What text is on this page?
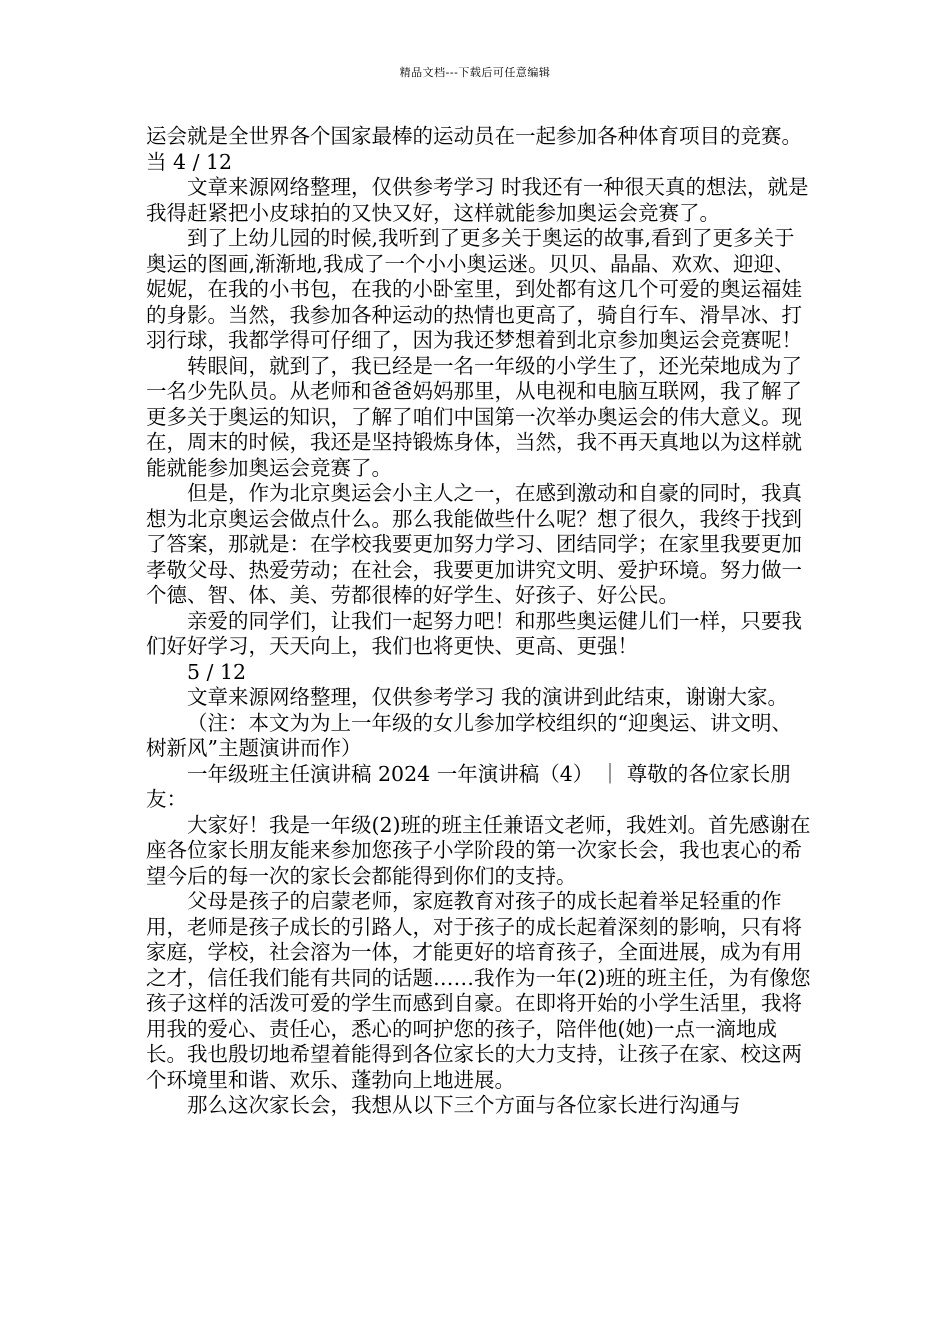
精品文档---下载后可任意编辑

运会就是全世界各个国家最棒的运动员在一起参加各种体育项目的竞赛。当 4 / 12

文章来源网络整理，仅供参考学习 时我还有一种很天真的想法，就是我得赶紧把小皮球拍的又快又好，这样就能参加奥运会竞赛了。

到了上幼儿园的时候,我听到了更多关于奥运的故事,看到了更多关于奥运的图画,渐渐地,我成了一个小小奥运迷。贝贝、晶晶、欢欢、迎迎、妮妮，在我的小书包，在我的小卧室里，到处都有这几个可爱的奥运福娃的身影。当然，我参加各种运动的热情也更高了，骑自行车、滑旱冰、打羽行球，我都学得可仔细了，因为我还梦想着到北京参加奥运会竞赛呢！

转眼间，就到了，我已经是一名一年级的小学生了，还光荣地成为了一名少先队员。从老师和爸爸妈妈那里，从电视和电脑互联网，我了解了更多关于奥运的知识，了解了咱们中国第一次举办奥运会的伟大意义。现在，周末的时候，我还是坚持锻炼身体，当然，我不再天真地以为这样就能就能参加奥运会竞赛了。

但是，作为北京奥运会小主人之一，在感到激动和自豪的同时，我真想为北京奥运会做点什么。那么我能做些什么呢？想了很久，我终于找到了答案，那就是：在学校我要更加努力学习、团结同学；在家里我要更加孝敬父母、热爱劳动；在社会，我要更加讲究文明、爱护环境。努力做一个德、智、体、美、劳都很棒的好学生、好孩子、好公民。

亲爱的同学们，让我们一起努力吧！和那些奥运健儿们一样，只要我们好好学习，天天向上，我们也将更快、更高、更强！

5 / 12

文章来源网络整理，仅供参考学习 我的演讲到此结束，谢谢大家。

（注：本文为为上一年级的女儿参加学校组织的“迎奥运、讲文明、树新风”主题演讲而作）

一年级班主任演讲稿 2024 一年演讲稿（4） ｜ 尊敬的各位家长朋友：

大家好！我是一年级(2)班的班主任兼语文老师，我姓刘。首先感谢在座各位家长朋友能来参加您孩子小学阶段的第一次家长会，我也衷心的希望今后的每一次的家长会都能得到你们的支持。

父母是孩子的启蒙老师，家庭教育对孩子的成长起着举足轻重的作用，老师是孩子成长的引路人，对于孩子的成长起着深刻的影响，只有将家庭，学校，社会溶为一体，才能更好的培育孩子，全面进展，成为有用之才，信任我们能有共同的话题……我作为一年(2)班的班主任，为有像您孩子这样的活泼可爱的学生而感到自豪。在即将开始的小学生活里，我将用我的爱心、责任心，悉心的呵护您的孩子，陪伴他(她)一点一滴地成长。我也殷切地希望着能得到各位家长的大力支持，让孩子在家、校这两个环境里和谐、欢乐、蓬勃向上地进展。

那么这次家长会，我想从以下三个方面与各位家长进行沟通与
